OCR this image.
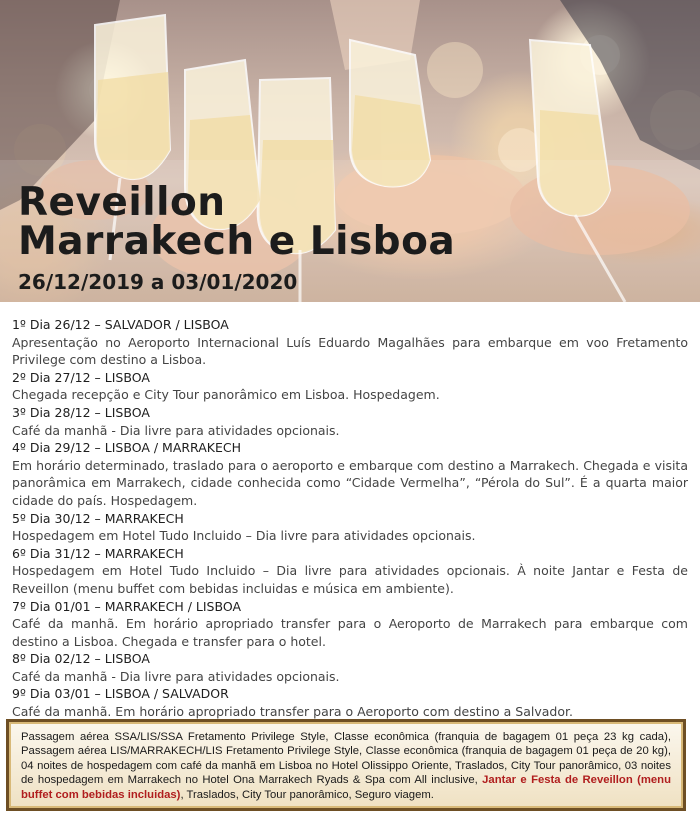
Reveillon
Marrakech e Lisboa
26/12/2019 a 03/01/2020
1º Dia 26/12 – SALVADOR / LISBOA
Apresentação no Aeroporto Internacional Luís Eduardo Magalhães para embarque em voo Fretamento Privilege com destino a Lisboa.
2º Dia 27/12 – LISBOA
Chegada recepção e City Tour panorâmico em Lisboa. Hospedagem.
3º Dia 28/12 – LISBOA
Café da manhã - Dia livre para atividades opcionais.
4º Dia 29/12 – LISBOA / MARRAKECH
Em horário determinado, traslado para o aeroporto e embarque com destino a Marrakech. Chegada e visita panorâmica em Marrakech, cidade conhecida como “Cidade Vermelha”, “Pérola do Sul”. É a quarta maior cidade do país. Hospedagem.
5º Dia 30/12 – MARRAKECH
Hospedagem em Hotel Tudo Incluido – Dia livre para atividades opcionais.
6º Dia 31/12 – MARRAKECH
Hospedagem em Hotel Tudo Incluido – Dia livre para atividades opcionais. À noite Jantar e Festa de Reveillon (menu buffet com bebidas incluidas e música em ambiente).
7º Dia 01/01 – MARRAKECH / LISBOA
Café da manhã. Em horário apropriado transfer para o Aeroporto de Marrakech para embarque com destino a Lisboa. Chegada e transfer para o hotel.
8º Dia 02/12 – LISBOA
Café da manhã - Dia livre para atividades opcionais.
9º Dia 03/01 – LISBOA / SALVADOR
Café da manhã. Em horário apropriado transfer para o Aeroporto com destino a Salvador.
Passagem aérea SSA/LIS/SSA Fretamento Privilege Style, Classe econômica (franquia de bagagem 01 peça 23 kg cada), Passagem aérea LIS/MARRAKECH/LIS Fretamento Privilege Style, Classe econômica (franquia de bagagem 01 peça de 20 kg), 04 noites de hospedagem com café da manhã em Lisboa no Hotel Olissippo Oriente, Traslados, City Tour panorâmico, 03 noites de hospedagem em Marrakech no Hotel Ona Marrakech Ryads & Spa com All inclusive, Jantar e Festa de Reveillon (menu buffet com bebidas incluidas), Traslados, City Tour panorâmico, Seguro viagem.
